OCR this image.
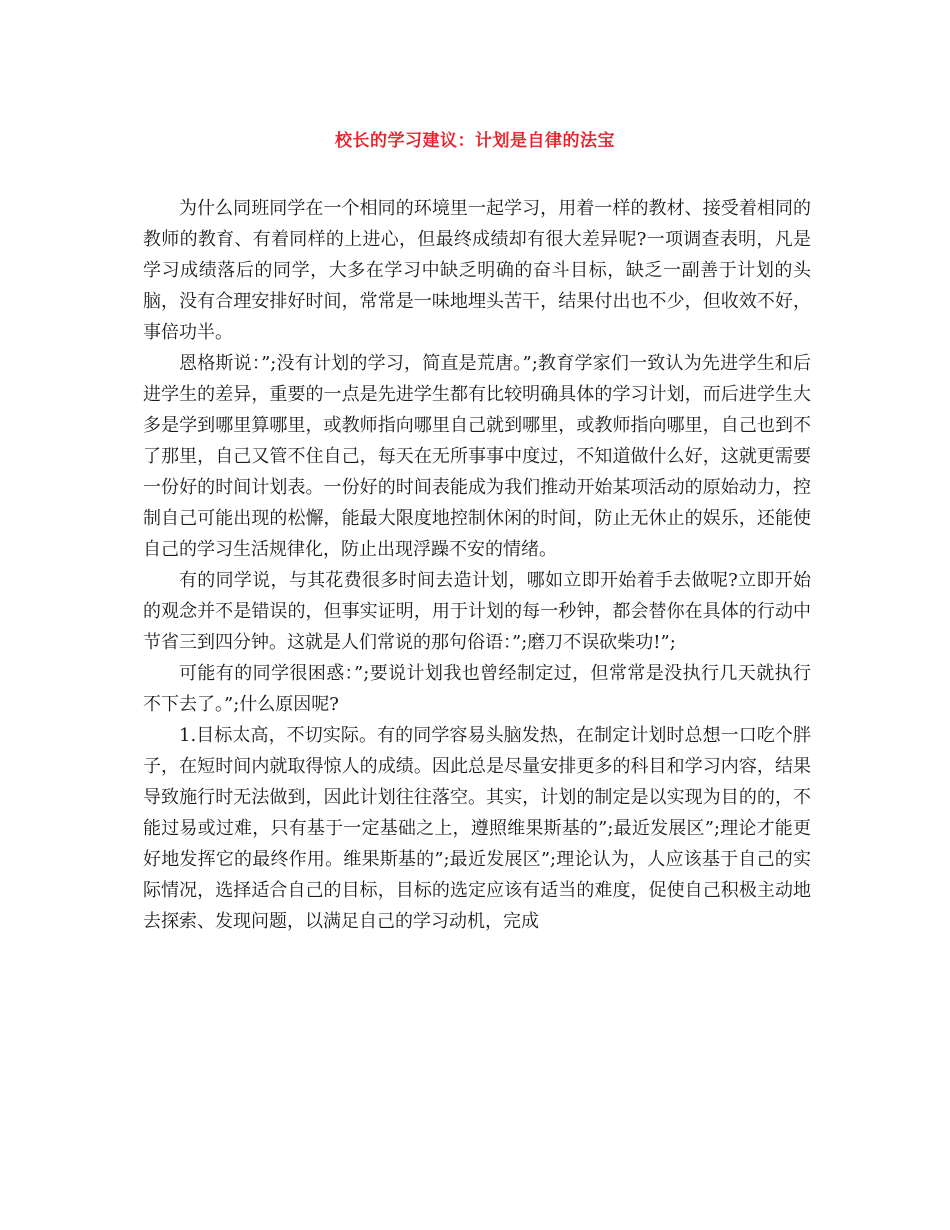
校长的学习建议：计划是自律的法宝

为什么同班同学在一个相同的环境里一起学习，用着一样的教材、接受着相同的教师的教育、有着同样的上进心，但最终成绩却有很大差异呢?一项调查表明，凡是学习成绩落后的同学，大多在学习中缺乏明确的奋斗目标，缺乏一副善于计划的头脑，没有合理安排好时间，常常是一味地埋头苦干，结果付出也不少，但收效不好，事倍功半。

恩格斯说：”;没有计划的学习，简直是荒唐。”;教育学家们一致认为先进学生和后进学生的差异，重要的一点是先进学生都有比较明确具体的学习计划，而后进学生大多是学到哪里算哪里，或教师指向哪里自己就到哪里，或教师指向哪里，自己也到不了那里，自己又管不住自己，每天在无所事事中度过，不知道做什么好，这就更需要一份好的时间计划表。一份好的时间表能成为我们推动开始某项活动的原始动力，控制自己可能出现的松懈，能最大限度地控制休闲的时间，防止无休止的娱乐，还能使自己的学习生活规律化，防止出现浮躁不安的情绪。

有的同学说，与其花费很多时间去造计划，哪如立即开始着手去做呢?立即开始的观念并不是错误的，但事实证明，用于计划的每一秒钟，都会替你在具体的行动中节省三到四分钟。这就是人们常说的那句俗语：”;磨刀不误砍柴功!”;

可能有的同学很困惑：”;要说计划我也曾经制定过，但常常是没执行几天就执行不下去了。”;什么原因呢?

1.目标太高，不切实际。有的同学容易头脑发热，在制定计划时总想一口吃个胖子，在短时间内就取得惊人的成绩。因此总是尽量安排更多的科目和学习内容，结果导致施行时无法做到，因此计划往往落空。其实，计划的制定是以实现为目的的，不能过易或过难，只有基于一定基础之上，遵照维果斯基的”;最近发展区”;理论才能更好地发挥它的最终作用。维果斯基的”;最近发展区”;理论认为，人应该基于自己的实际情况，选择适合自己的目标，目标的选定应该有适当的难度，促使自己积极主动地去探索、发现问题，以满足自己的学习动机，完成
